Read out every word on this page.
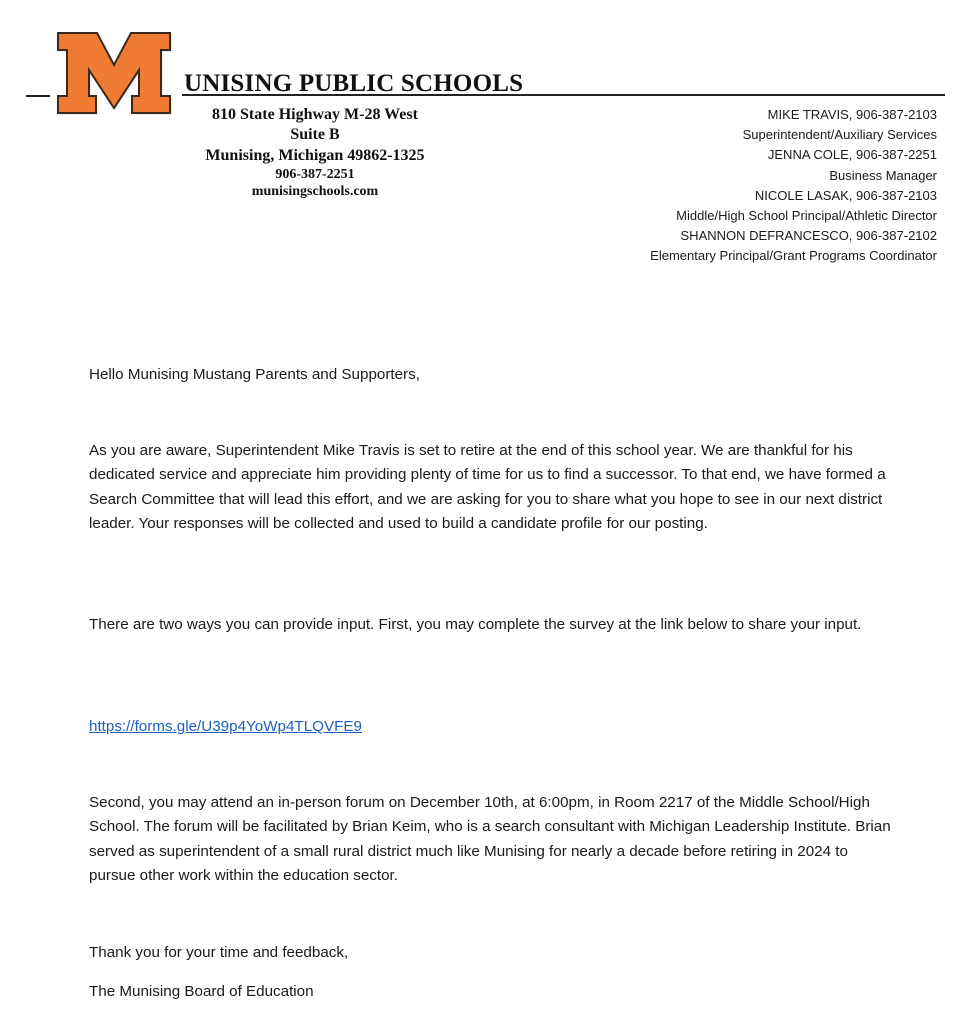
UNISING PUBLIC SCHOOLS
810 State Highway M-28 West
Suite B
Munising, Michigan 49862-1325
906-387-2251
munisingschools.com
MIKE TRAVIS, 906-387-2103
Superintendent/Auxiliary Services
JENNA COLE, 906-387-2251
Business Manager
NICOLE LASAK, 906-387-2103
Middle/High School Principal/Athletic Director
SHANNON DEFRANCESCO, 906-387-2102
Elementary Principal/Grant Programs Coordinator
Hello Munising Mustang Parents and Supporters,
As you are aware, Superintendent Mike Travis is set to retire at the end of this school year. We are thankful for his dedicated service and appreciate him providing plenty of time for us to find a successor. To that end, we have formed a Search Committee that will lead this effort, and we are asking for you to share what you hope to see in our next district leader. Your responses will be collected and used to build a candidate profile for our posting.
There are two ways you can provide input. First, you may complete the survey at the link below to share your input.
https://forms.gle/U39p4YoWp4TLQVFE9
Second, you may attend an in-person forum on December 10th, at 6:00pm, in Room 2217 of the Middle School/High School. The forum will be facilitated by Brian Keim, who is a search consultant with Michigan Leadership Institute. Brian served as superintendent of a small rural district much like Munising for nearly a decade before retiring in 2024 to pursue other work within the education sector.
Thank you for your time and feedback,
The Munising Board of Education
